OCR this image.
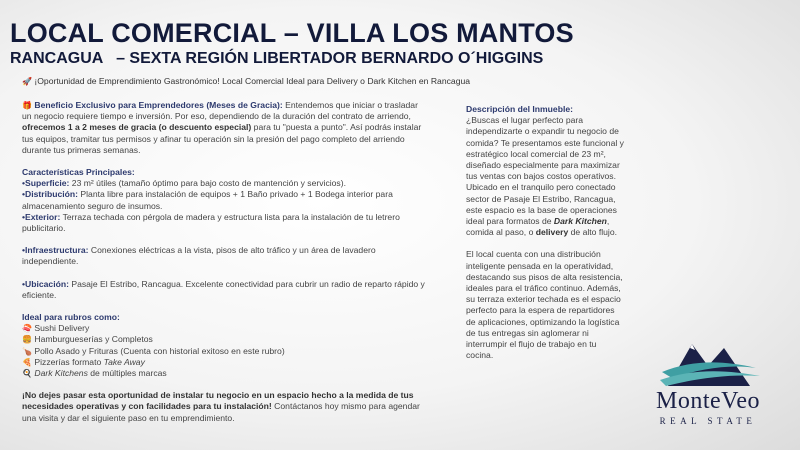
LOCAL COMERCIAL – VILLA LOS MANTOS
RANCAGUA   – SEXTA REGIÓN LIBERTADOR BERNARDO O´HIGGINS
🚀 ¡Oportunidad de Emprendimiento Gastronómico! Local Comercial Ideal para Delivery o Dark Kitchen en Rancagua

🎁 Beneficio Exclusivo para Emprendedores (Meses de Gracia): Entendemos que iniciar o trasladar un negocio requiere tiempo e inversión. Por eso, dependiendo de la duración del contrato de arriendo, ofrecemos 1 a 2 meses de gracia (o descuento especial) para tu "puesta a punto". Así podrás instalar tus equipos, tramitar tus permisos y afinar tu operación sin la presión del pago completo del arriendo durante tus primeras semanas.

Características Principales:
•Superficie: 23 m² útiles (tamaño óptimo para bajo costo de mantención y servicios).
•Distribución: Planta libre para instalación de equipos + 1 Baño privado + 1 Bodega interior para almacenamiento seguro de insumos.
•Exterior: Terraza techada con pérgola de madera y estructura lista para la instalación de tu letrero publicitario.

•Infraestructura: Conexiones eléctricas a la vista, pisos de alto tráfico y un área de lavadero independiente.

•Ubicación: Pasaje El Estribo, Rancagua. Excelente conectividad para cubrir un radio de reparto rápido y eficiente.

Ideal para rubros como:
🍣 Sushi Delivery
🍔 Hamburgueserías y Completos
🍗 Pollo Asado y Frituras (Cuenta con historial exitoso en este rubro)
🍕 Pizzerías formato Take Away
🍳 Dark Kitchens de múltiples marcas

¡No dejes pasar esta oportunidad de instalar tu negocio en un espacio hecho a la medida de tus necesidades operativas y con facilidades para tu instalación! Contáctanos hoy mismo para agendar una visita y dar el siguiente paso en tu emprendimiento.

Descripción del Inmueble:

¿Buscas el lugar perfecto para independizarte o expandir tu negocio de comida? Te presentamos este funcional y estratégico local comercial de 23 m², diseñado especialmente para maximizar tus ventas con bajos costos operativos. Ubicado en el tranquilo pero conectado sector de Pasaje El Estribo, Rancagua, este espacio es la base de operaciones ideal para formatos de Dark Kitchen, comida al paso, o delivery de alto flujo.

El local cuenta con una distribución inteligente pensada en la operatividad, destacando sus pisos de alta resistencia, ideales para el tráfico continuo. Además, su terraza exterior techada es el espacio perfecto para la espera de repartidores de aplicaciones, optimizando la logística de tus entregas sin aglomerar ni interrumpir el flujo de trabajo en tu cocina.

MonteVeo
REAL STATE
